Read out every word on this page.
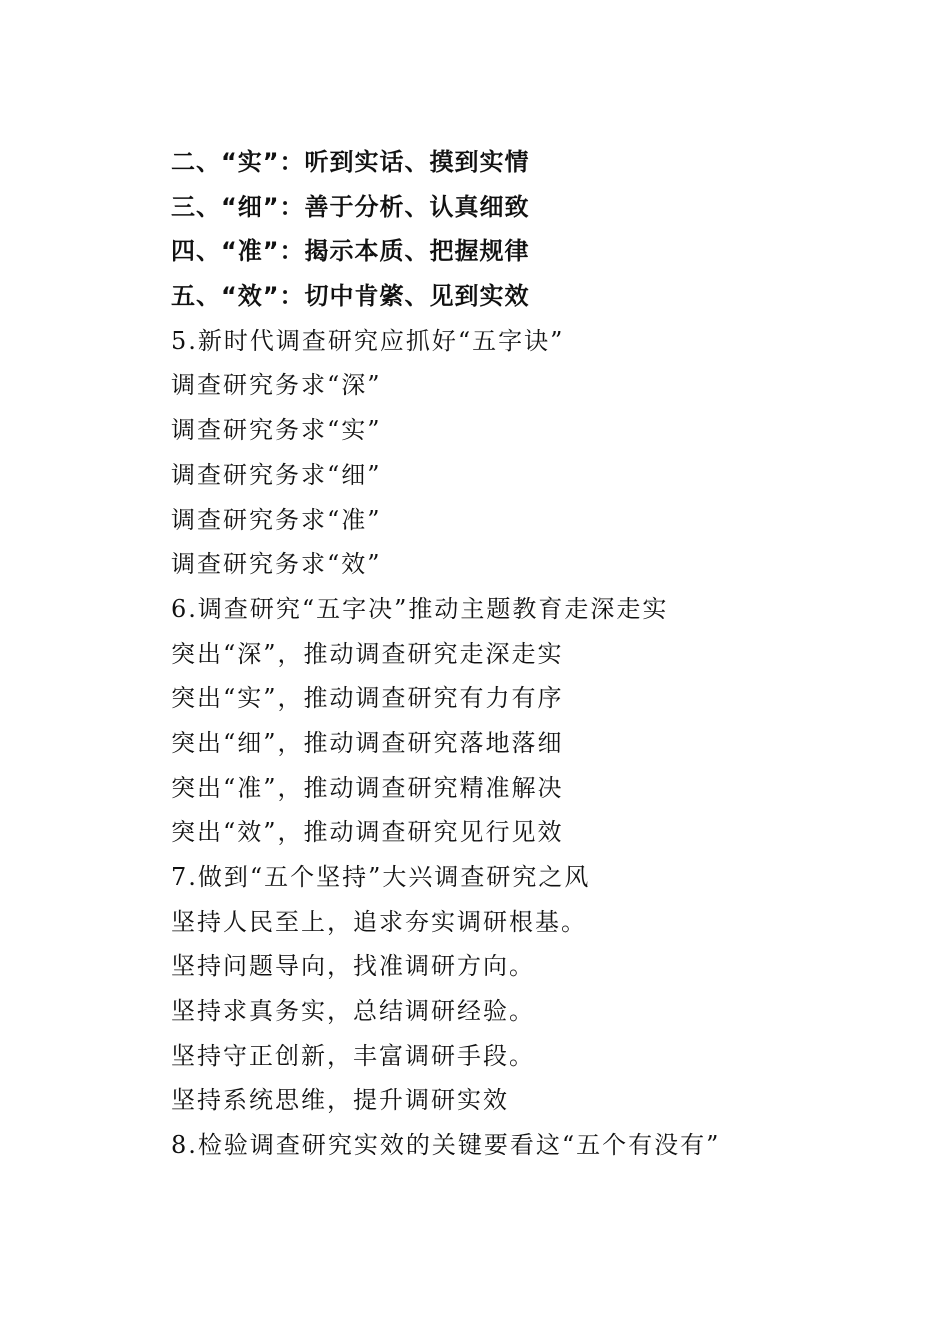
二、“实”：听到实话、摸到实情
三、“细”：善于分析、认真细致
四、“准”：揭示本质、把握规律
五、“效”：切中肯綮、见到实效
5.新时代调查研究应抓好“五字诀”
调查研究务求“深”
调查研究务求“实”
调查研究务求“细”
调查研究务求“准”
调查研究务求“效”
6.调查研究“五字决”推动主题教育走深走实
突出“深”，推动调查研究走深走实
突出“实”，推动调查研究有力有序
突出“细”，推动调查研究落地落细
突出“准”，推动调查研究精准解决
突出“效”，推动调查研究见行见效
7.做到“五个坚持”大兴调查研究之风
坚持人民至上，追求夯实调研根基。
坚持问题导向，找准调研方向。
坚持求真务实，总结调研经验。
坚持守正创新，丰富调研手段。
坚持系统思维，提升调研实效
8.检验调查研究实效的关键要看这“五个有没有”
